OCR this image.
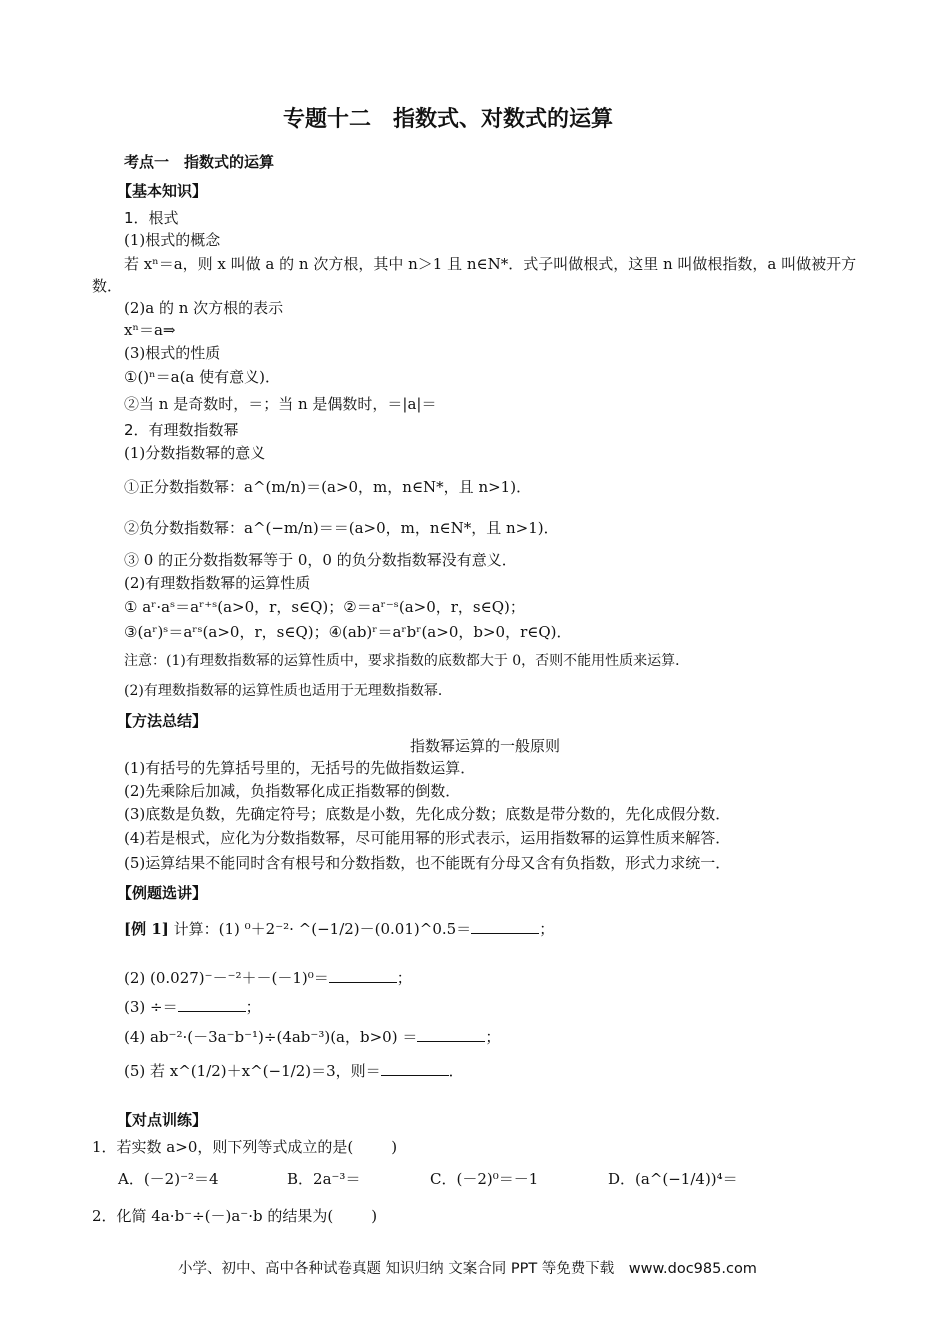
专题十二　指数式、对数式的运算
考点一　指数式的运算
【基本知识】
1．根式
(1)根式的概念
若 xⁿ＝a，则 x 叫做 a 的 n 次方根，其中 n＞1 且 n∈N*．式子叫做根式，这里 n 叫做根指数，a 叫做被开方
数．
(2)a 的 n 次方根的表示
xⁿ＝a⇒
(3)根式的性质
①()ⁿ＝a(a 使有意义)．
②当 n 是奇数时，＝；当 n 是偶数时，＝|a|＝
2．有理数指数幂
(1)分数指数幂的意义
①正分数指数幂：a^(m/n)＝(a>0，m，n∈N*，且 n>1)．
②负分数指数幂：a^(−m/n)＝＝(a>0，m，n∈N*，且 n>1)．
③ 0 的正分数指数幂等于 0，0 的负分数指数幂没有意义．
(2)有理数指数幂的运算性质
① aʳ·aˢ＝aʳ⁺ˢ(a>0，r，s∈Q)；②＝aʳ⁻ˢ(a>0，r，s∈Q)；
③(aʳ)ˢ＝aʳˢ(a>0，r，s∈Q)；④(ab)ʳ＝aʳbʳ(a>0，b>0，r∈Q)．
注意：(1)有理数指数幂的运算性质中，要求指数的底数都大于 0，否则不能用性质来运算．
(2)有理数指数幂的运算性质也适用于无理数指数幂．
【方法总结】
指数幂运算的一般原则
(1)有括号的先算括号里的，无括号的先做指数运算．
(2)先乘除后加减，负指数幂化成正指数幂的倒数．
(3)底数是负数，先确定符号；底数是小数，先化成分数；底数是带分数的，先化成假分数．
(4)若是根式，应化为分数指数幂，尽可能用幂的形式表示，运用指数幂的运算性质来解答．
(5)运算结果不能同时含有根号和分数指数，也不能既有分母又含有负指数，形式力求统一．
【例题选讲】
[例 1] 计算：(1) ⁰＋2⁻²· ^(−1/2)－(0.01)^0.5＝	；
(2) (0.027)⁻－⁻²＋－(－1)⁰＝	；
(3) ÷＝	；
(4) ab⁻²·(－3a⁻b⁻¹)÷(4ab⁻³)(a，b>0) ＝	；
(5) 若 x^(1/2)＋x^(−1/2)＝3，则＝	．
【对点训练】
1．若实数 a>0，则下列等式成立的是(	)
A．(－2)⁻²＝4	B．2a⁻³＝	C．(－2)⁰＝－1	D．(a^(−1/4))⁴＝
2．化简 4a·b⁻÷(－)a⁻·b 的结果为(	)
小学、初中、高中各种试卷真题 知识归纳 文案合同 PPT 等免费下载　www.doc985.com
